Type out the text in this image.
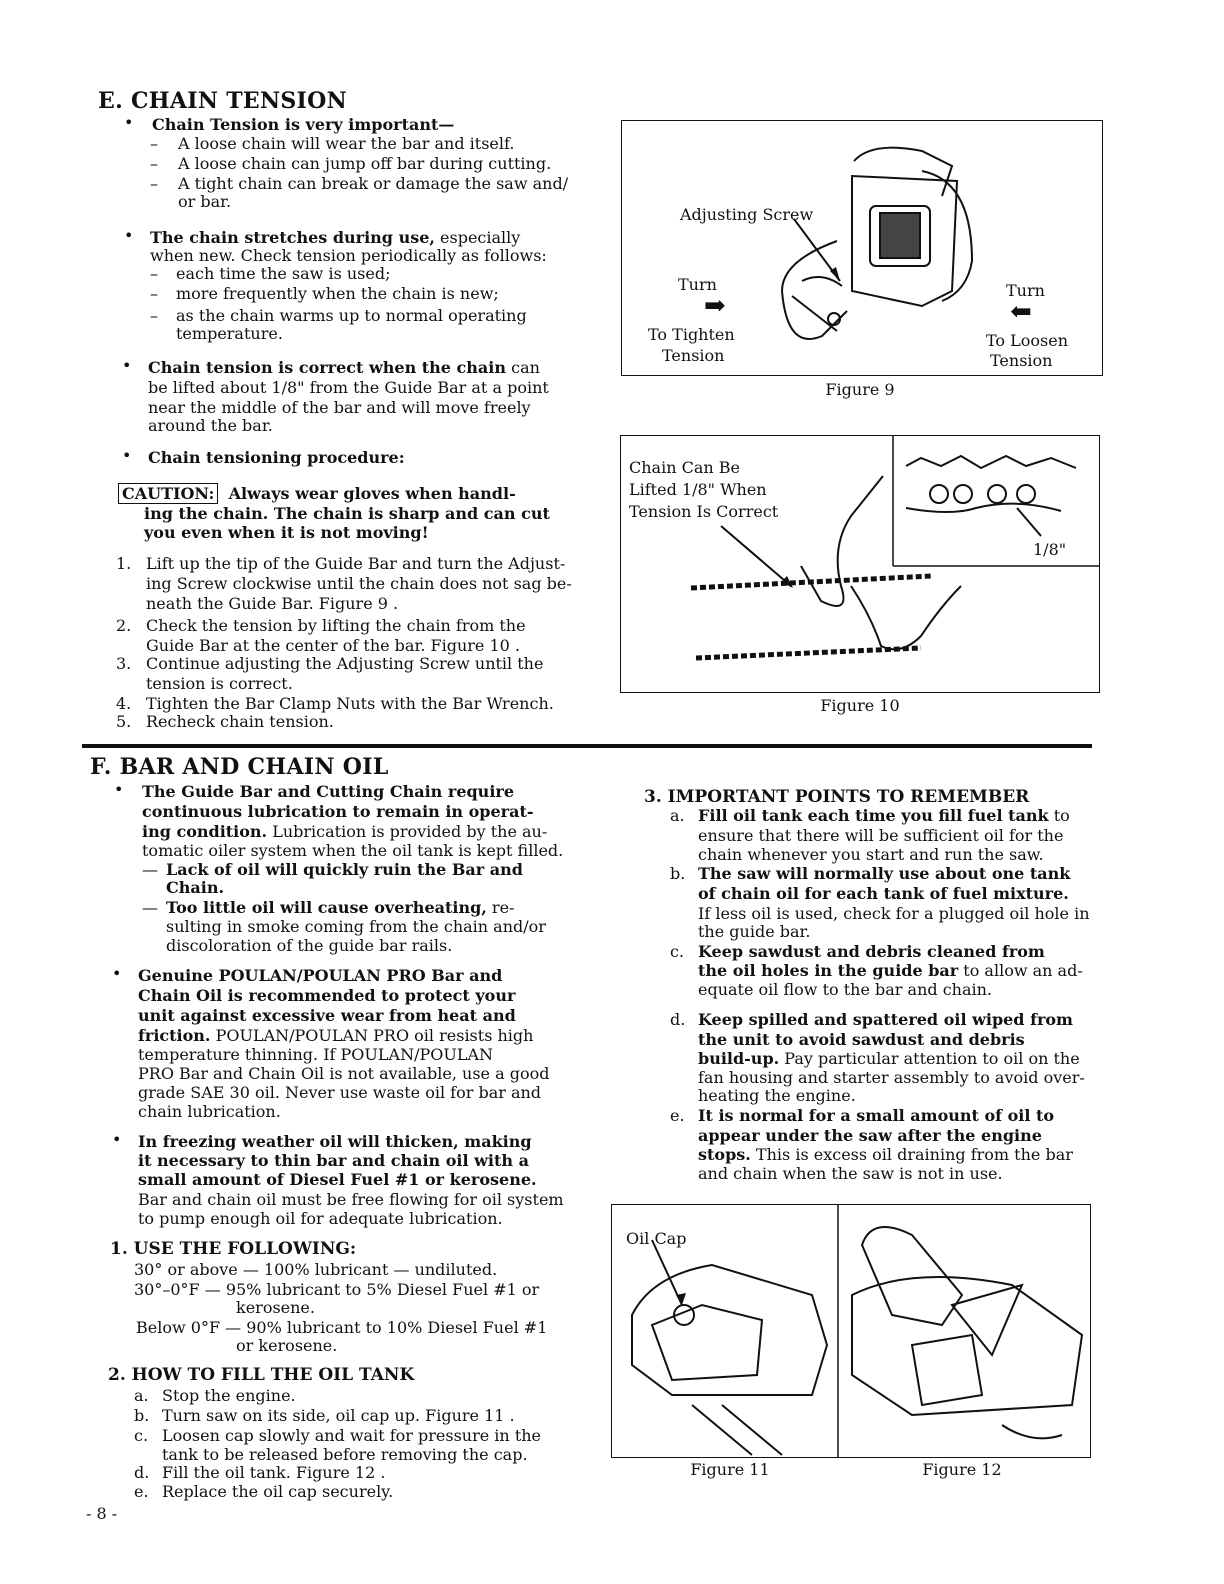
E. CHAIN TENSION
• Chain Tension is very important—
– A loose chain will wear the bar and itself.
– A loose chain can jump off bar during cutting.
– A tight chain can break or damage the saw and/
or bar.
• The chain stretches during use, especially
when new. Check tension periodically as follows:
– each time the saw is used;
– more frequently when the chain is new;
– as the chain warms up to normal operating
temperature.
• Chain tension is correct when the chain can
be lifted about 1/8" from the Guide Bar at a point
near the middle of the bar and will move freely
around the bar.
• Chain tensioning procedure:
CAUTION: Always wear gloves when handl-
ing the chain. The chain is sharp and can cut
you even when it is not moving!
1. Lift up the tip of the Guide Bar and turn the Adjust-
ing Screw clockwise until the chain does not sag be-
neath the Guide Bar. Figure 9 .
2. Check the tension by lifting the chain from the
Guide Bar at the center of the bar. Figure 10 .
3. Continue adjusting the Adjusting Screw until the
tension is correct.
4. Tighten the Bar Clamp Nuts with the Bar Wrench.
5. Recheck chain tension.
Adjusting Screw
Turn
➡
To Tighten
Tension
Turn
⬅
To Loosen
Tension
Figure 9
Chain Can Be
Lifted 1/8" When
Tension Is Correct
1/8"
Figure 10
F. BAR AND CHAIN OIL
• The Guide Bar and Cutting Chain require
continuous lubrication to remain in operat-
ing condition. Lubrication is provided by the au-
tomatic oiler system when the oil tank is kept filled.
— Lack of oil will quickly ruin the Bar and
Chain.
— Too little oil will cause overheating, re-
sulting in smoke coming from the chain and/or
discoloration of the guide bar rails.
• Genuine POULAN/POULAN PRO Bar and
Chain Oil is recommended to protect your
unit against excessive wear from heat and
friction. POULAN/POULAN PRO oil resists high
temperature thinning. If POULAN/POULAN
PRO Bar and Chain Oil is not available, use a good
grade SAE 30 oil. Never use waste oil for bar and
chain lubrication.
• In freezing weather oil will thicken, making
it necessary to thin bar and chain oil with a
small amount of Diesel Fuel #1 or kerosene.
Bar and chain oil must be free flowing for oil system
to pump enough oil for adequate lubrication.
1. USE THE FOLLOWING:
30° or above — 100% lubricant — undiluted.
30°–0°F — 95% lubricant to 5% Diesel Fuel #1 or
kerosene.
Below 0°F — 90% lubricant to 10% Diesel Fuel #1
or kerosene.
2. HOW TO FILL THE OIL TANK
a. Stop the engine.
b. Turn saw on its side, oil cap up. Figure 11 .
c. Loosen cap slowly and wait for pressure in the
tank to be released before removing the cap.
d. Fill the oil tank. Figure 12 .
e. Replace the oil cap securely.
- 8 -
3. IMPORTANT POINTS TO REMEMBER
a. Fill oil tank each time you fill fuel tank to
ensure that there will be sufficient oil for the
chain whenever you start and run the saw.
b. The saw will normally use about one tank
of chain oil for each tank of fuel mixture.
If less oil is used, check for a plugged oil hole in
the guide bar.
c. Keep sawdust and debris cleaned from
the oil holes in the guide bar to allow an ad-
equate oil flow to the bar and chain.
d. Keep spilled and spattered oil wiped from
the unit to avoid sawdust and debris
build-up. Pay particular attention to oil on the
fan housing and starter assembly to avoid over-
heating the engine.
e. It is normal for a small amount of oil to
appear under the saw after the engine
stops. This is excess oil draining from the bar
and chain when the saw is not in use.
Oil Cap
Figure 11	Figure 12
